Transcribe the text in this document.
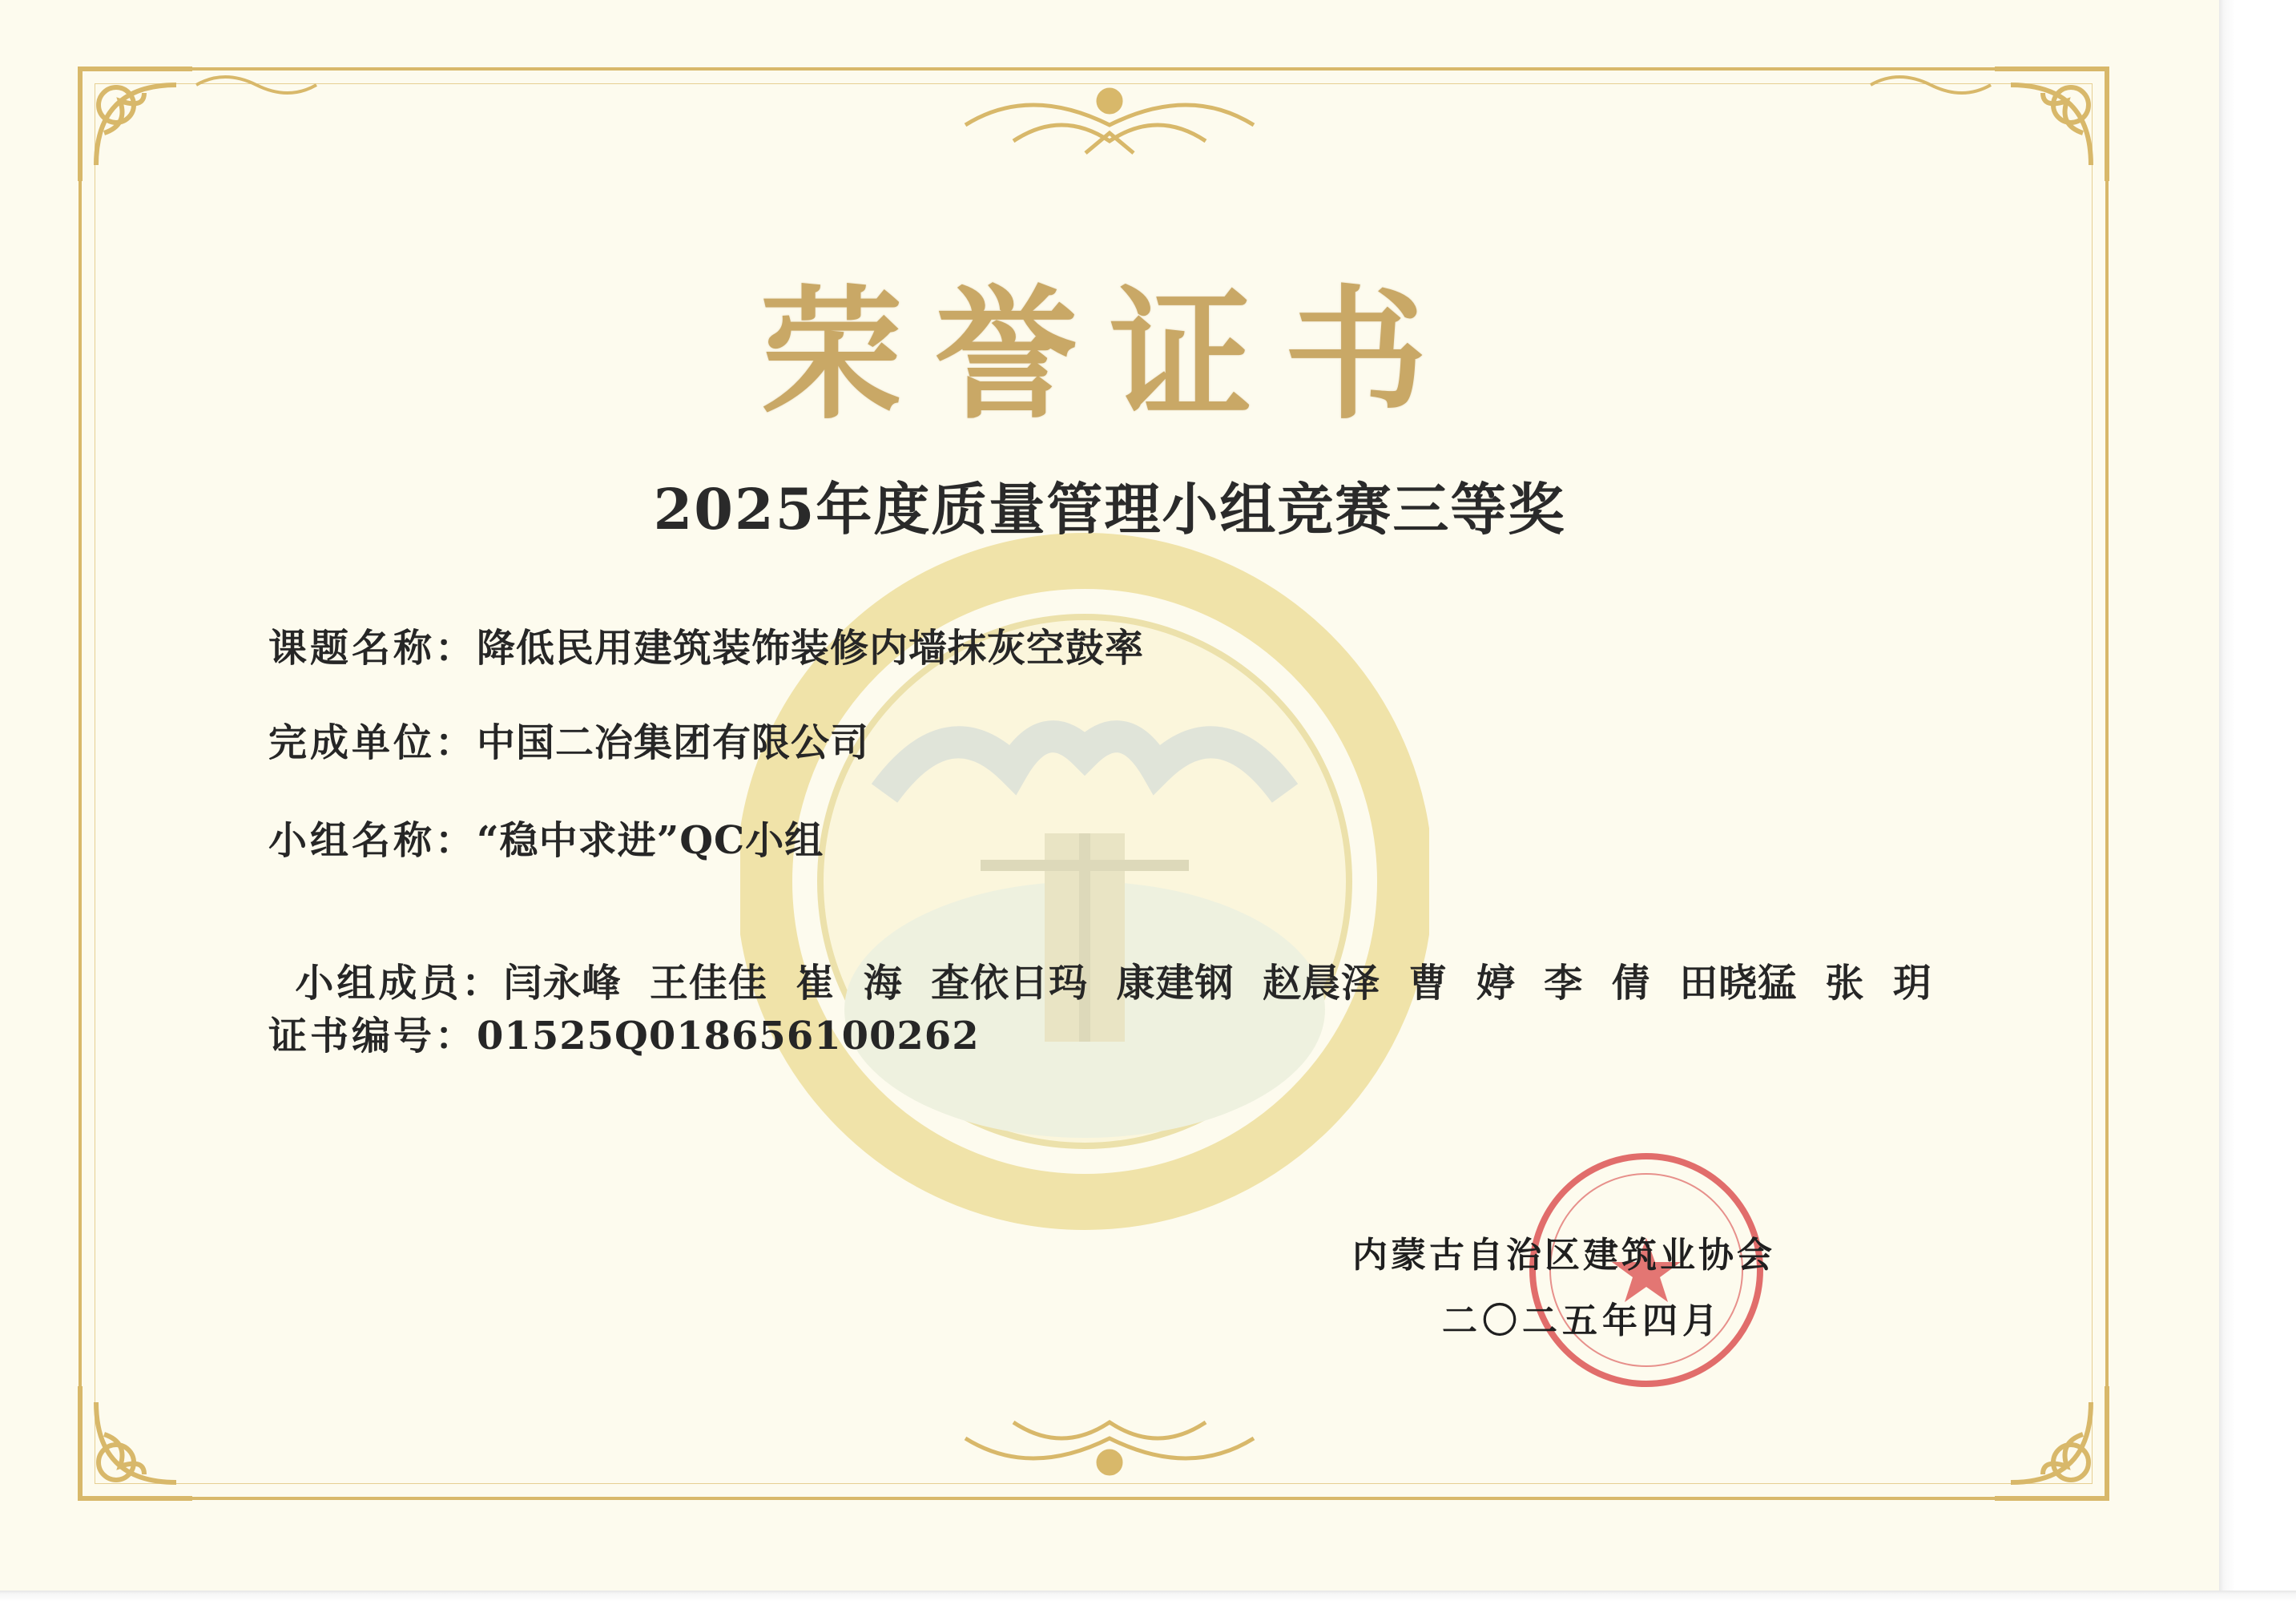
荣誉证书
2025年度质量管理小组竞赛三等奖
课题名称：降低民用建筑装饰装修内墙抹灰空鼓率
完成单位：中国二冶集团有限公司
小组名称：“稳中求进”QC小组

小组成员：闫永峰  王佳佳  崔  海  查依日玛  康建钢  赵晨泽  曹  婷  李  倩  田晓猛  张  玥

证书编号：01525Q018656100262
内蒙古自治区建筑业协会
二〇二五年四月
